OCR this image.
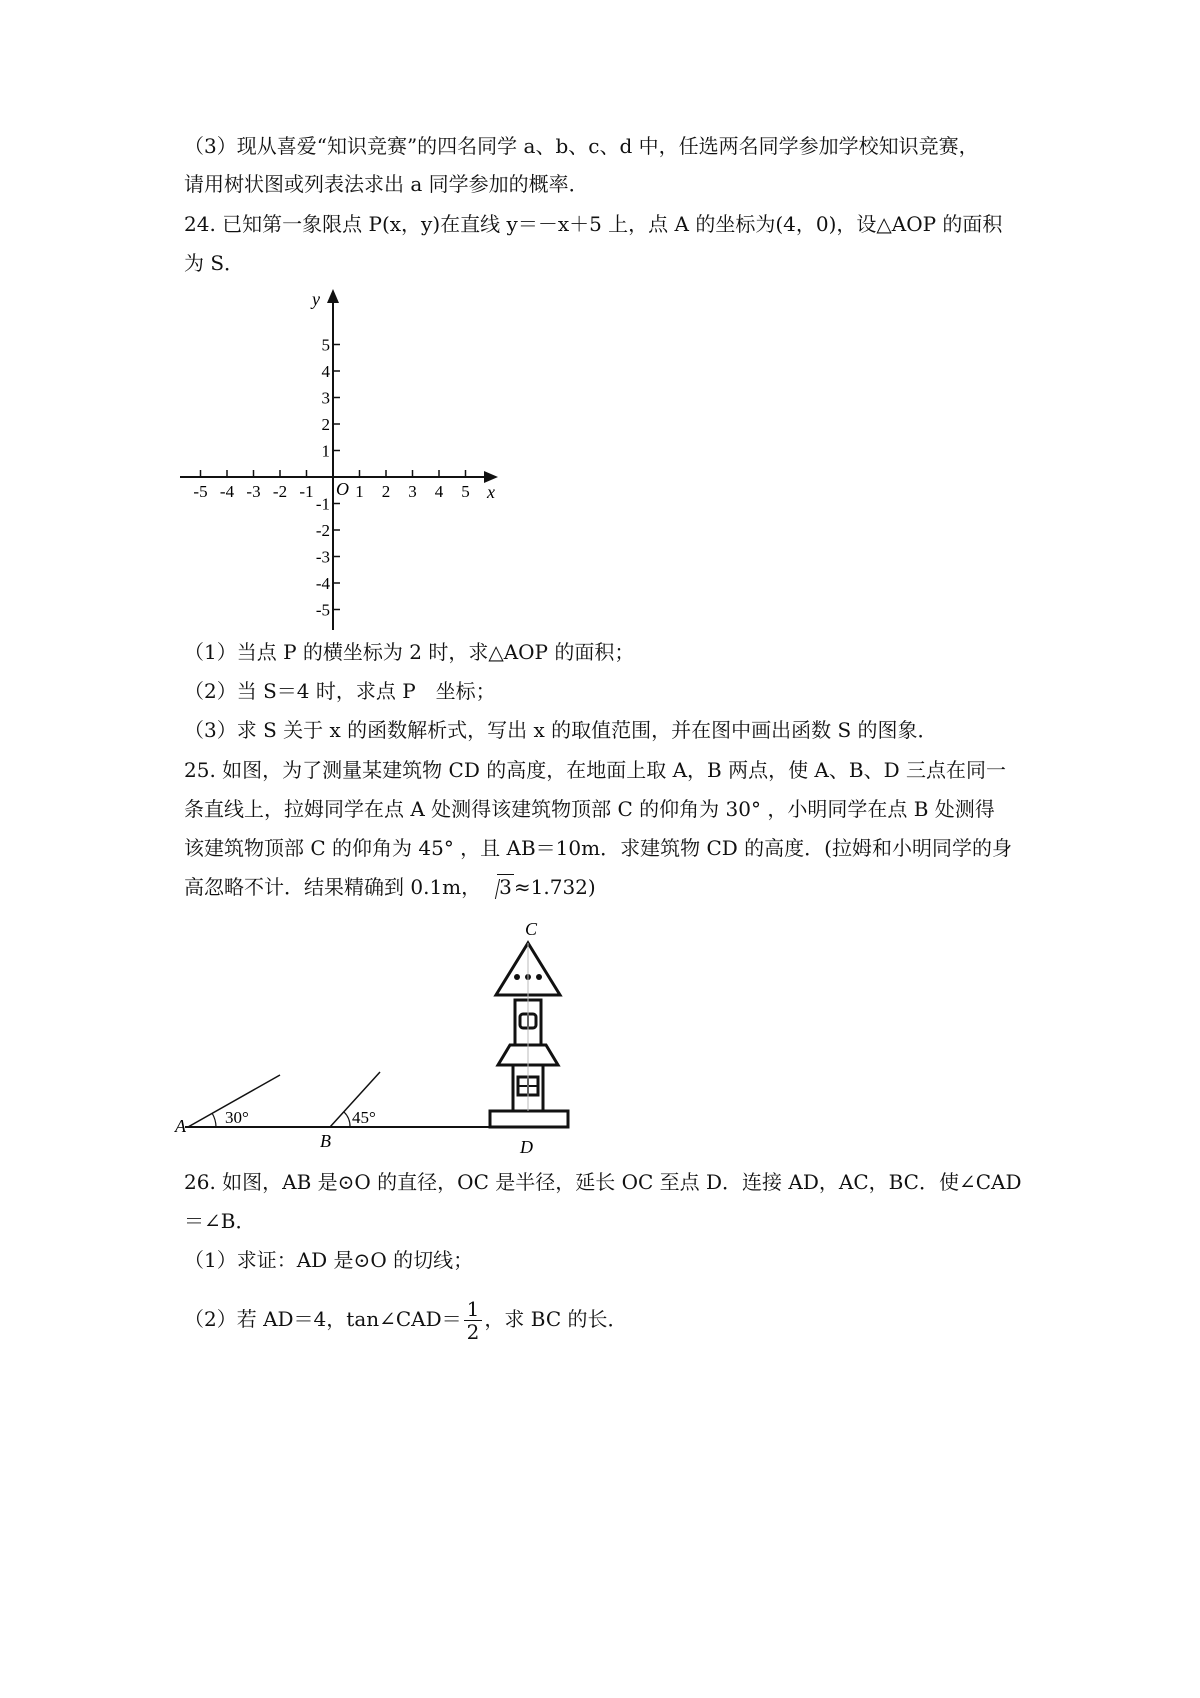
（3）现从喜爱“知识竞赛”的四名同学 a、b、c、d 中，任选两名同学参加学校知识竞赛，
请用树状图或列表法求出 a 同学参加的概率．
24. 已知第一象限点 P(x，y)在直线 y＝－x＋5 上，点 A 的坐标为(4，0)，设△AOP 的面积
为 S．
-5 -4 -3 -2 -1 1 2 3 4 5
5
4
3
2
1
-1
-2
-3
-4
-5
y
x
O
（1）当点 P 的横坐标为 2 时，求△AOP 的面积；
（2）当 S＝4 时，求点 P　坐标；
（3）求 S 关于 x 的函数解析式，写出 x 的取值范围，并在图中画出函数 S 的图象．
25. 如图，为了测量某建筑物 CD 的高度，在地面上取 A，B 两点，使 A、B、D 三点在同一
条直线上，拉姆同学在点 A 处测得该建筑物顶部 C 的仰角为 30° ，小明同学在点 B 处测得
该建筑物顶部 C 的仰角为 45° ，且 AB＝10m．求建筑物 CD 的高度．(拉姆和小明同学的身
高忽略不计．结果精确到 0.1m， 3 ≈1.732)
A
B
C
D
30°	45°
26. 如图，AB 是⊙O 的直径，OC 是半径，延长 OC 至点 D．连接 AD，AC，BC．使∠CAD
＝∠B．
（1）求证：AD 是⊙O 的切线；
（2）若 AD＝4，tan∠CAD＝ $\frac{1}{2}$ ，求 BC 的长．
